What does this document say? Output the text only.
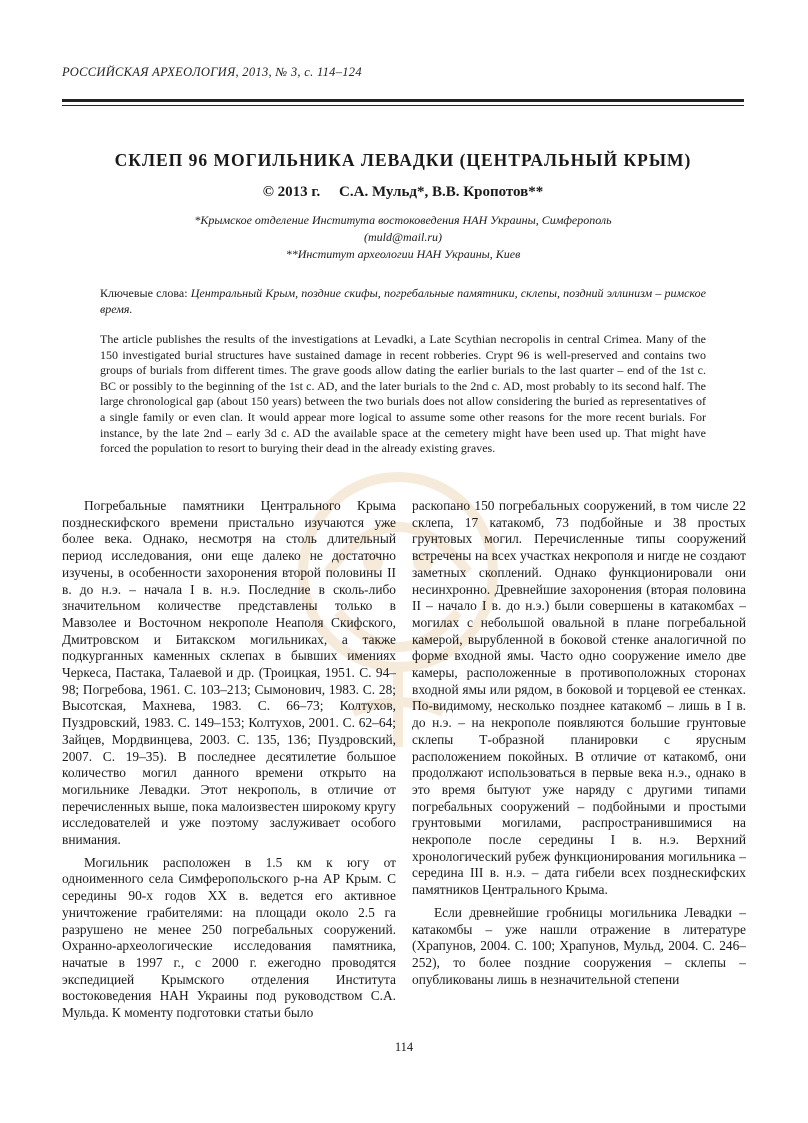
РОССИЙСКАЯ АРХЕОЛОГИЯ, 2013, № 3, с. 114–124
СКЛЕП 96 МОГИЛЬНИКА ЛЕВАДКИ (ЦЕНТРАЛЬНЫЙ КРЫМ)
© 2013 г.     С.А. Мульд*, В.В. Кропотов**
*Крымское отделение Института востоковедения НАН Украины, Симферополь
(muld@mail.ru)
**Институт археологии НАН Украины, Киев
Ключевые слова: Центральный Крым, поздние скифы, погребальные памятники, склепы, поздний эллинизм – римское время.

The article publishes the results of the investigations at Levadki, a Late Scythian necropolis in central Crimea. Many of the 150 investigated burial structures have sustained damage in recent robberies. Crypt 96 is well-preserved and contains two groups of burials from different times. The grave goods allow dating the earlier burials to the last quarter – end of the 1st c. BC or possibly to the beginning of the 1st c. AD, and the later burials to the 2nd c. AD, most probably to its second half. The large chronological gap (about 150 years) between the two burials does not allow considering the buried as representatives of a single family or even clan. It would appear more logical to assume some other reasons for the more recent burials. For instance, by the late 2nd – early 3d c. AD the available space at the cemetery might have been used up. That might have forced the population to resort to burying their dead in the already existing graves.

Погребальные памятники Центрального Крыма позднескифского времени пристально изучаются уже более века. Однако, несмотря на столь длительный период исследования, они еще далеко не достаточно изучены, в особенности захоронения второй половины II в. до н.э. – начала I в. н.э. Последние в сколь-либо значительном количестве представлены только в Мавзолее и Восточном некрополе Неаполя Скифского, Дмитровском и Битакском могильниках, а также подкурганных каменных склепах в бывших имениях Черкеса, Пастака, Талаевой и др. (Троицкая, 1951. С. 94–98; Погребова, 1961. С. 103–213; Сымонович, 1983. С. 28; Высотская, Махнева, 1983. С. 66–73; Колтухов, Пуздровский, 1983. С. 149–153; Колтухов, 2001. С. 62–64; Зайцев, Мордвинцева, 2003. С. 135, 136; Пуздровский, 2007. С. 19–35). В последнее десятилетие большое количество могил данного времени открыто на могильнике Левадки. Этот некрополь, в отличие от перечисленных выше, пока малоизвестен широкому кругу исследователей и уже поэтому заслуживает особого внимания.

Могильник расположен в 1.5 км к югу от одноименного села Симферопольского р-на АР Крым. С середины 90-х годов XX в. ведется его активное уничтожение грабителями: на площади около 2.5 га разрушено не менее 250 погребальных сооружений. Охранно-археологические исследования памятника, начатые в 1997 г., с 2000 г. ежегодно проводятся экспедицией Крымского отделения Института востоковедения НАН Украины под руководством С.А. Мульда. К моменту подготовки статьи было

раскопано 150 погребальных сооружений, в том числе 22 склепа, 17 катакомб, 73 подбойные и 38 простых грунтовых могил. Перечисленные типы сооружений встречены на всех участках некрополя и нигде не создают заметных скоплений. Однако функционировали они несинхронно. Древнейшие захоронения (вторая половина II – начало I в. до н.э.) были совершены в катакомбах – могилах с небольшой овальной в плане погребальной камерой, вырубленной в боковой стенке аналогичной по форме входной ямы. Часто одно сооружение имело две камеры, расположенные в противоположных сторонах входной ямы или рядом, в боковой и торцевой ее стенках. По-видимому, несколько позднее катакомб – лишь в I в. до н.э. – на некрополе появляются большие грунтовые склепы Т-образной планировки с ярусным расположением покойных. В отличие от катакомб, они продолжают использоваться в первые века н.э., однако в это время бытуют уже наряду с другими типами погребальных сооружений – подбойными и простыми грунтовыми могилами, распространившимися на некрополе после середины I в. н.э. Верхний хронологический рубеж функционирования могильника – середина III в. н.э. – дата гибели всех позднескифских памятников Центрального Крыма.

Если древнейшие гробницы могильника Левадки – катакомбы – уже нашли отражение в литературе (Храпунов, 2004. С. 100; Храпунов, Мульд, 2004. С. 246–252), то более поздние сооружения – склепы – опубликованы лишь в незначительной степени

114
